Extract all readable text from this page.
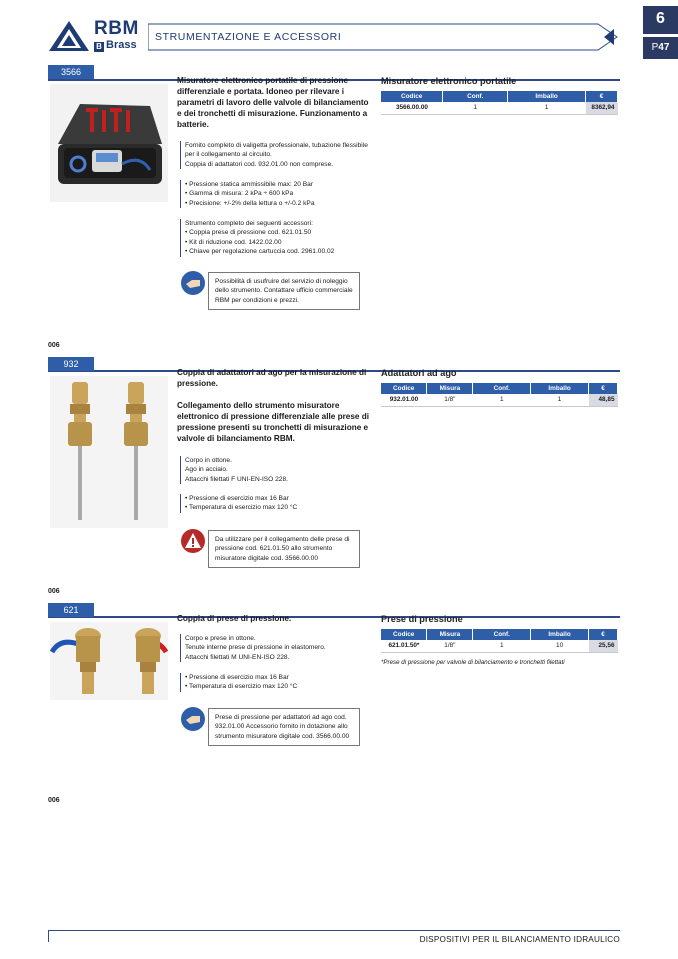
RBM
B Brass
STRUMENTAZIONE E ACCESSORI
6
P47
3566
Misuratore elettronico portatile di pressione differenziale e portata. Idoneo per rilevare i parametri di lavoro delle valvole di bilanciamento e dei tronchetti di misurazione. Funzionamento a batterie.
Fornito completo di valigetta professionale, tubazione flessibile per il collegamento al circuito.
Coppia di adattatori cod. 932.01.00 non comprese.
• Pressione statica ammissibile max: 20 Bar
• Gamma di misura: 2 kPa ÷ 600 kPa
• Precisione: +/-2% della lettura o +/-0.2 kPa
Strumento completo dei seguenti accessori:
• Coppia prese di pressione cod. 621.01.50
• Kit di riduzione cod. 1422.02.00
• Chiave per regolazione cartuccia cod. 2961.00.02
Possibilità di usufruire del servizio di noleggio dello strumento. Contattare ufficio commerciale RBM per condizioni e prezzi.
Misuratore elettronico portatile
Codice	Conf.	Imballo	€
3566.00.00	1	1	8362,94
006
932
Coppia di adattatori ad ago per la misurazione di pressione.
Collegamento dello strumento misuratore elettronico di pressione differenziale alle prese di pressione presenti su tronchetti di misurazione e valvole di bilanciamento RBM.
Corpo in ottone.
Ago in acciaio.
Attacchi filettati F UNI-EN-ISO 228.
• Pressione di esercizio max 16 Bar
• Temperatura di esercizio max 120 °C
Da utilizzare per il collegamento delle prese di pressione cod. 621.01.50 allo strumento misuratore digitale cod. 3566.00.00
Adattatori ad ago
Codice	Misura	Conf.	Imballo	€
932.01.00	1/8"	1	1	48,85
006
621
Coppia di prese di pressione.
Corpo e prese in ottone.
Tenute interne prese di pressione in elastomero.
Attacchi filettati M UNI-EN-ISO 228.
• Pressione di esercizio max 16 Bar
• Temperatura di esercizio max 120 °C
Prese di pressione per adattatori ad ago cod. 932.01.00 Accessorio fornito in dotazione allo strumento misuratore digitale cod. 3566.00.00
Prese di pressione
Codice	Misura	Conf.	Imballo	€
621.01.50*	1/8"	1	10	25,56
*Prese di pressione per valvole di bilanciamento e tronchetti filettati
006
DISPOSITIVI PER IL BILANCIAMENTO IDRAULICO
